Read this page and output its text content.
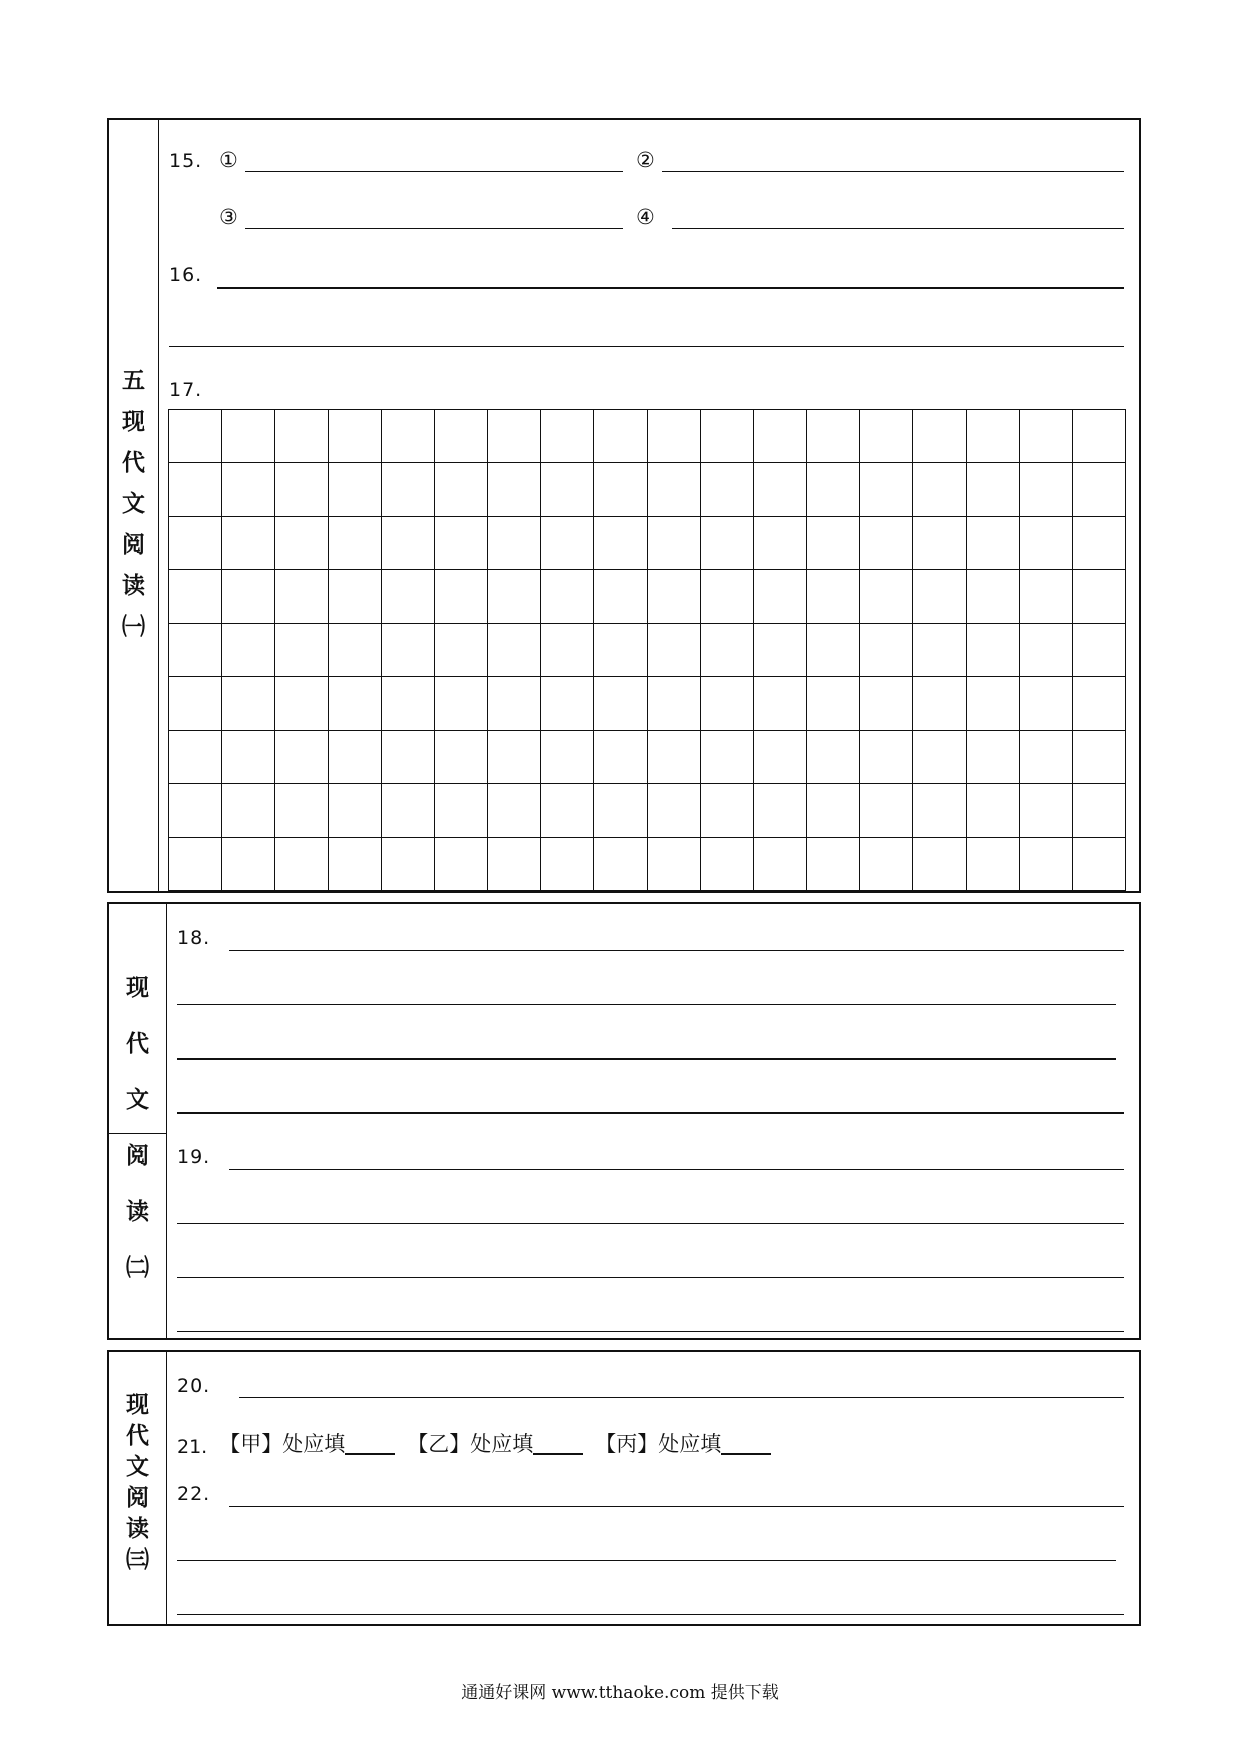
五
现
代
文
阅
读
㈠
15. ①	②
③	④
16.
17.
现
代
文
阅
读
㈡
18.
19.
现
代
文
阅
读
㈢
20.
21. 【甲】处应填	【乙】处应填	【丙】处应填
22.
通通好课网 www.tthaoke.com 提供下载
